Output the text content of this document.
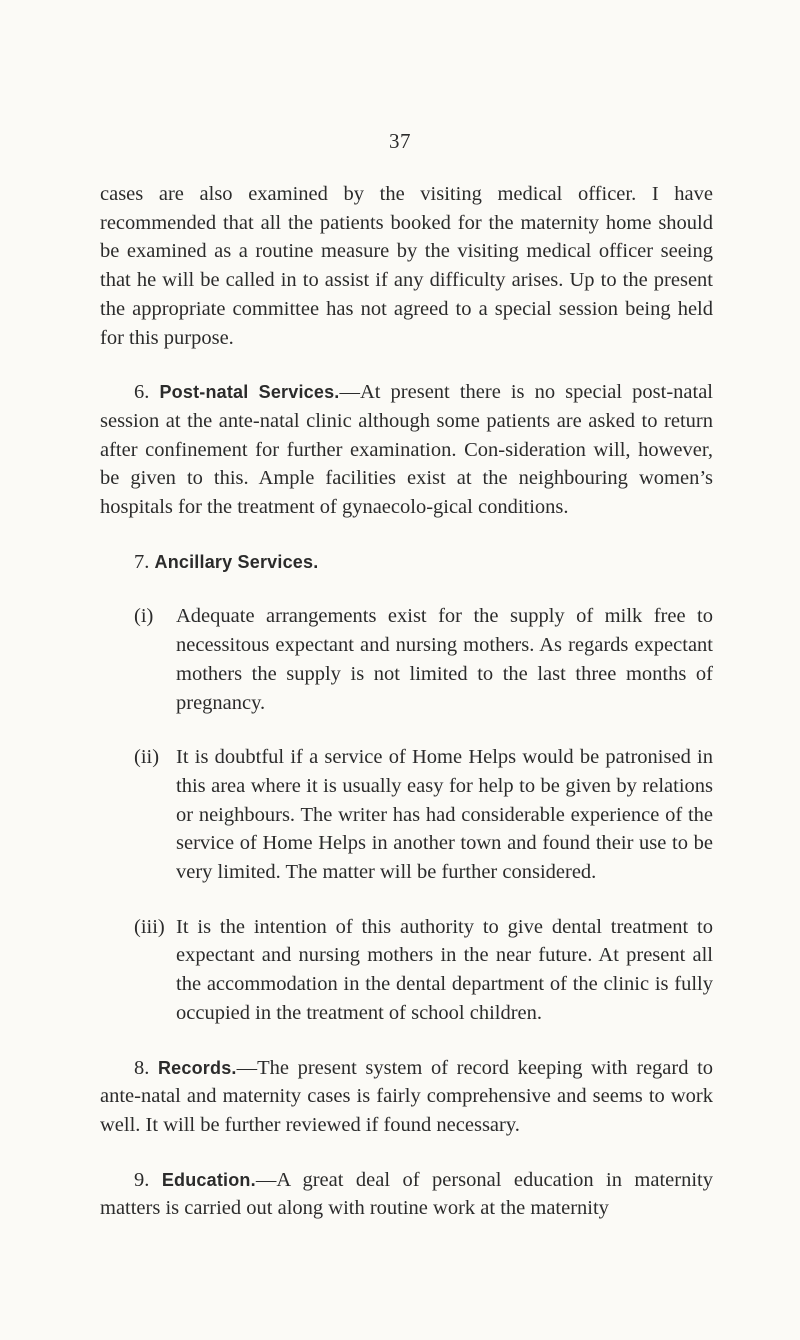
37

cases are also examined by the visiting medical officer. I have recommended that all the patients booked for the maternity home should be examined as a routine measure by the visiting medical officer seeing that he will be called in to assist if any difficulty arises. Up to the present the appropriate committee has not agreed to a special session being held for this purpose.

6. Post-natal Services.—At present there is no special post-natal session at the ante-natal clinic although some patients are asked to return after confinement for further examination. Con-sideration will, however, be given to this. Ample facilities exist at the neighbouring women’s hospitals for the treatment of gynaecolo-gical conditions.

7. Ancillary Services.

(i) Adequate arrangements exist for the supply of milk free to necessitous expectant and nursing mothers. As regards expectant mothers the supply is not limited to the last three months of pregnancy.
(ii) It is doubtful if a service of Home Helps would be patronised in this area where it is usually easy for help to be given by relations or neighbours. The writer has had considerable experience of the service of Home Helps in another town and found their use to be very limited. The matter will be further considered.
(iii) It is the intention of this authority to give dental treatment to expectant and nursing mothers in the near future. At present all the accommodation in the dental department of the clinic is fully occupied in the treatment of school children.

8. Records.—The present system of record keeping with regard to ante-natal and maternity cases is fairly comprehensive and seems to work well. It will be further reviewed if found necessary.

9. Education.—A great deal of personal education in maternity matters is carried out along with routine work at the maternity
